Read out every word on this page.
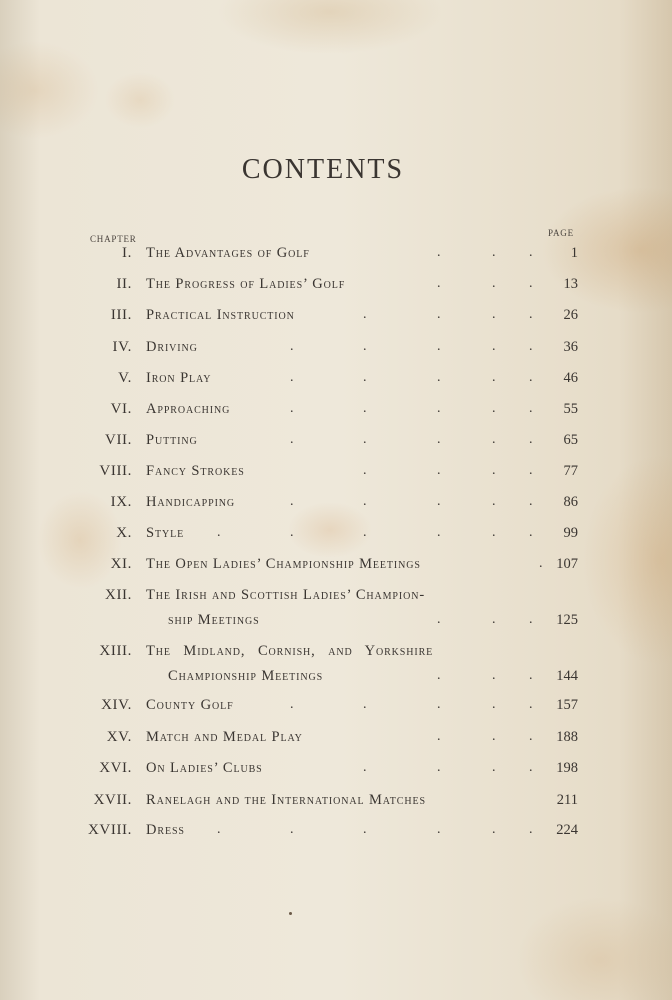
CONTENTS
CHAPTER
PAGE
I. The Advantages of Golf	.	. .	1
II. The Progress of Ladies’ Golf	.	. . 13
III. Practical Instruction	.	.	. . 26
IV. Driving	.	.	.	. . 36
V. Iron Play	.	.	.	. . 46
VI. Approaching	.	.	.	. . 55
VII. Putting	.	.	.	. . 65
VIII. Fancy Strokes	.	.	. . 77
IX. Handicapping	.	.	.	. . 86
X. Style	.	.	.	.	. . 99
XI. The Open Ladies’ Championship Meetings	. 107
XII. The Irish and Scottish Ladies’ Champion-
ship Meetings	.	. . 125
XIII. The Midland, Cornish, and Yorkshire
Championship Meetings	.	. . 144
XIV. County Golf	.	.	.	. . 157
XV. Match and Medal Play	.	. . 188
XVI. On Ladies’ Clubs	.	.	. . 198
XVII. Ranelagh and the International Matches	211
XVIII. Dress	.	.	.	.	. . 224
